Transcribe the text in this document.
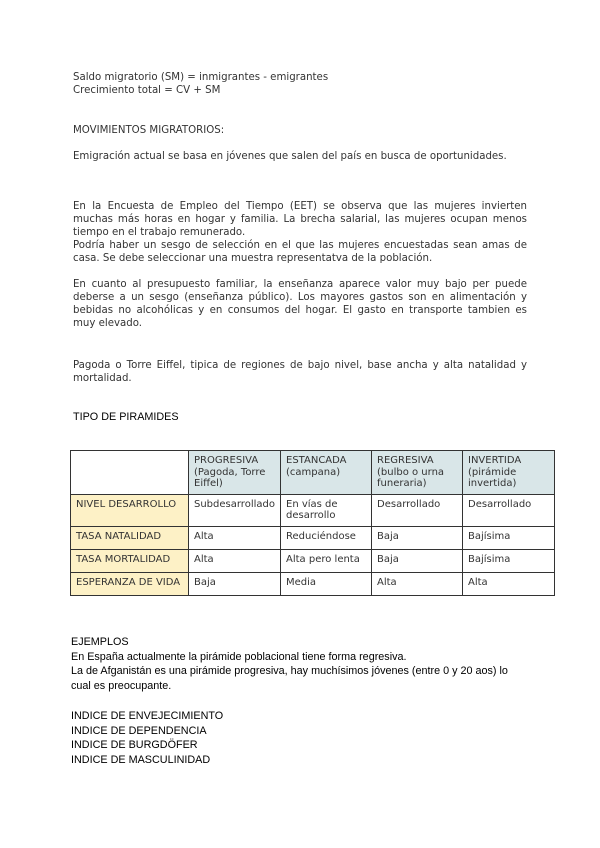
Saldo migratorio (SM) = inmigrantes - emigrantes
Crecimiento total = CV + SM

MOVIMIENTOS MIGRATORIOS:

Emigración actual se basa en jóvenes que salen del país en busca de oportunidades.

En la Encuesta de Empleo del Tiempo (EET) se observa que las mujeres invierten
muchas más horas en hogar y familia. La brecha salarial, las mujeres ocupan menos
tiempo en el trabajo remunerado.
Podría haber un sesgo de selección en el que las mujeres encuestadas sean amas de
casa. Se debe seleccionar una muestra representatva de la población.

En cuanto al presupuesto familiar, la enseñanza aparece valor muy bajo per puede
deberse a un sesgo (enseñanza público). Los mayores gastos son en alimentación y
bebidas no alcohólicas y en consumos del hogar. El gasto en transporte tambien es
muy elevado.

Pagoda o Torre Eiffel, tipica de regiones de bajo nivel, base ancha y alta natalidad y
mortalidad.

TIPO DE PIRAMIDES

	PROGRESIVA (Pagoda, Torre Eiffel)	ESTANCADA (campana)	REGRESIVA (bulbo o urna funeraria)	INVERTIDA (pirámide invertida)
NIVEL DESARROLLO	Subdesarrollado	En vías de desarrollo	Desarrollado	Desarrollado
TASA NATALIDAD	Alta	Reduciéndose	Baja	Bajísima
TASA MORTALIDAD	Alta	Alta pero lenta	Baja	Bajísima
ESPERANZA DE VIDA	Baja	Media	Alta	Alta

EJEMPLOS
En España actualmente la pirámide poblacional tiene forma regresiva.
La de Afganistán es una pirámide progresiva, hay muchísimos jóvenes (entre 0 y 20 aos) lo
cual es preocupante.

INDICE DE ENVEJECIMIENTO
INDICE DE DEPENDENCIA
INDICE DE BURGDÖFER
INDICE DE MASCULINIDAD
